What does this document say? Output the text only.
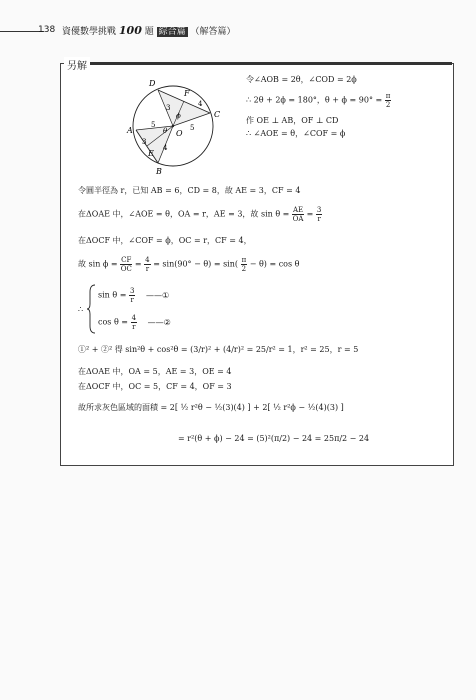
138 資優數學挑戰 100 題 綜合篇 （解答篇）
另解
D
F
C
A	O
E
B
5	5
3	4
3
4
θ
ϕ
令∠AOB = 2θ，∠COD = 2ϕ
∴ 2θ + 2ϕ = 180°，$\theta + \phi = 90^\circ = \frac{\pi}{2}$
作 OE ⊥ AB，OF ⊥ CD
∴ ∠AOE = θ，∠COF = ϕ
令圓半徑為 r，已知 AB = 6，CD = 8，故 AE = 3，CF = 4
在ΔOAE 中，∠AOE = θ，OA = r，AE = 3，故 $\sin \theta = \frac{AE}{OA} = \frac{3}{r}$
在ΔOCF 中，∠COF = ϕ，OC = r，CF = 4，
故 $\sin \phi = \frac{CF}{OC} = \frac{4}{r} = \sin(90^\circ - \theta) = \sin( \frac{\pi}{2} - \theta) = \cos \theta$
∴
$\sin \theta = \frac{3}{r}$ ——①
$\cos \theta = \frac{4}{r}$ ——②
①² + ②² 得 sin²θ + cos²θ = (3/r)² + (4/r)² = 25/r² = 1，r² = 25，r = 5
在ΔOAE 中，OA = 5，AE = 3，OE = 4
在ΔOCF 中，OC = 5，CF = 4，OF = 3
故所求灰色區域的面積 = 2[ ½ r²θ − ½(3)(4) ] + 2[ ½ r²ϕ − ½(4)(3) ]
= r²(θ + ϕ) − 24 = (5)²(π/2) − 24 = 25π/2 − 24
